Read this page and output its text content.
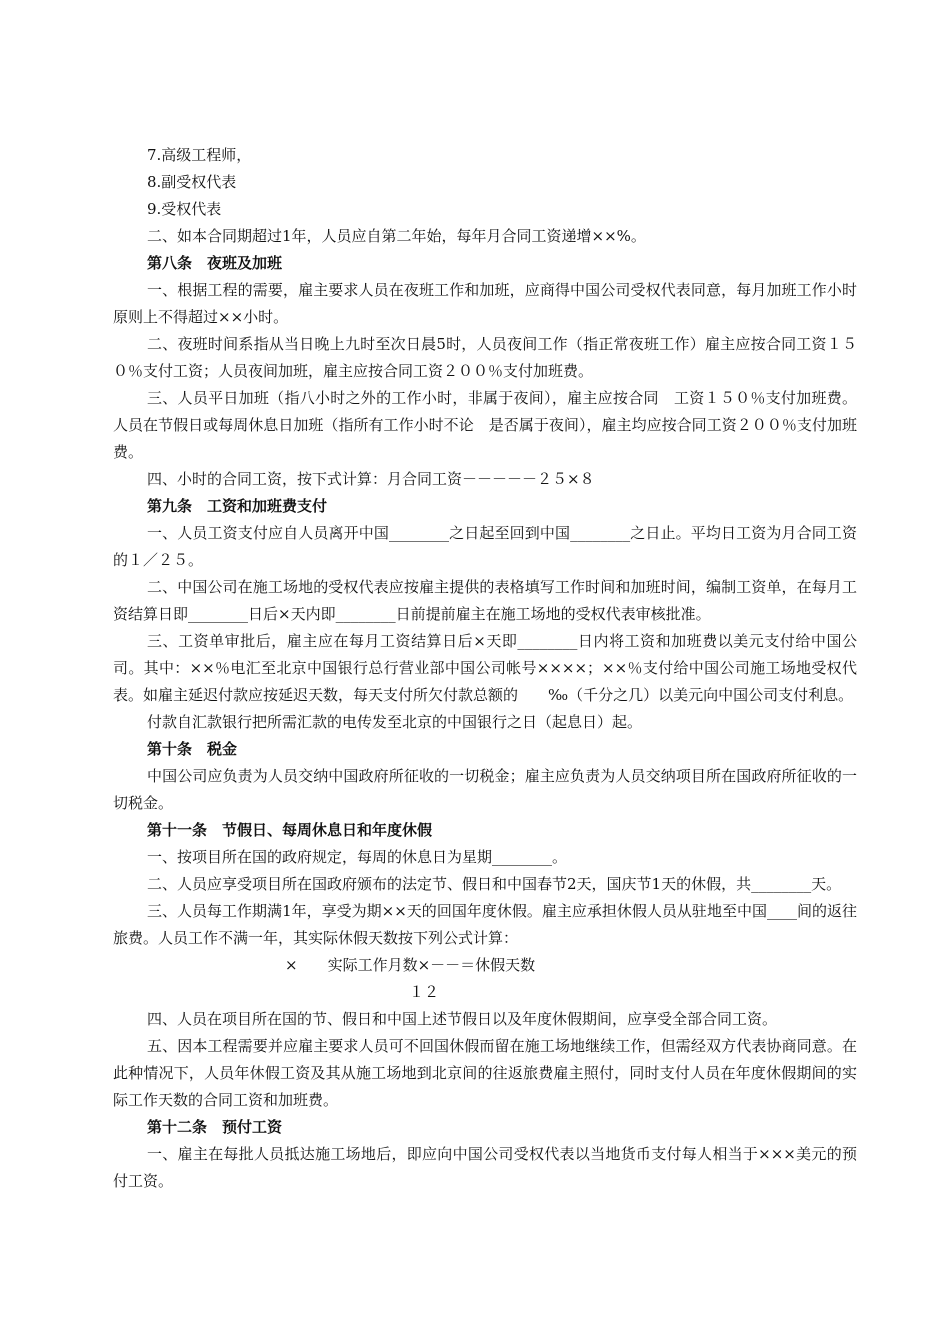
7.高级工程师，

8.副受权代表

9.受权代表

二、如本合同期超过1年，人员应自第二年始，每年月合同工资递增××%。

第八条　夜班及加班

一、根据工程的需要，雇主要求人员在夜班工作和加班，应商得中国公司受权代表同意，每月加班工作小时原则上不得超过××小时。

二、夜班时间系指从当日晚上九时至次日晨5时，人员夜间工作（指正常夜班工作）雇主应按合同工资１５０％支付工资；人员夜间加班，雇主应按合同工资２００％支付加班费。

三、人员平日加班（指八小时之外的工作小时，非属于夜间），雇主应按合同　工资１５０％支付加班费。人员在节假日或每周休息日加班（指所有工作小时不论　是否属于夜间），雇主均应按合同工资２００％支付加班费。

四、小时的合同工资，按下式计算：月合同工资－－－－－２５×８

第九条　工资和加班费支付

一、人员工资支付应自人员离开中国________之日起至回到中国________之日止。平均日工资为月合同工资的１／２５。

二、中国公司在施工场地的受权代表应按雇主提供的表格填写工作时间和加班时间，编制工资单，在每月工资结算日即________日后×天内即________日前提前雇主在施工场地的受权代表审核批准。

三、工资单审批后，雇主应在每月工资结算日后×天即________日内将工资和加班费以美元支付给中国公司。其中：××％电汇至北京中国银行总行营业部中国公司帐号××××；××％支付给中国公司施工场地受权代表。如雇主延迟付款应按延迟天数，每天支付所欠付款总额的　　‰（千分之几）以美元向中国公司支付利息。

付款自汇款银行把所需汇款的电传发至北京的中国银行之日（起息日）起。

第十条　税金

中国公司应负责为人员交纳中国政府所征收的一切税金；雇主应负责为人员交纳项目所在国政府所征收的一切税金。

第十一条　节假日、每周休息日和年度休假

一、按项目所在国的政府规定，每周的休息日为星期________。

二、人员应享受项目所在国政府颁布的法定节、假日和中国春节2天，国庆节1天的休假，共________天。

三、人员每工作期满1年，享受为期××天的回国年度休假。雇主应承担休假人员从驻地至中国____间的返往旅费。人员工作不满一年，其实际休假天数按下列公式计算：

×　　实际工作月数×－－＝休假天数

１２

四、人员在项目所在国的节、假日和中国上述节假日以及年度休假期间，应享受全部合同工资。

五、因本工程需要并应雇主要求人员可不回国休假而留在施工场地继续工作，但需经双方代表协商同意。在此种情况下，人员年休假工资及其从施工场地到北京间的往返旅费雇主照付，同时支付人员在年度休假期间的实际工作天数的合同工资和加班费。

第十二条　预付工资

一、雇主在每批人员抵达施工场地后，即应向中国公司受权代表以当地货币支付每人相当于×××美元的预付工资。
